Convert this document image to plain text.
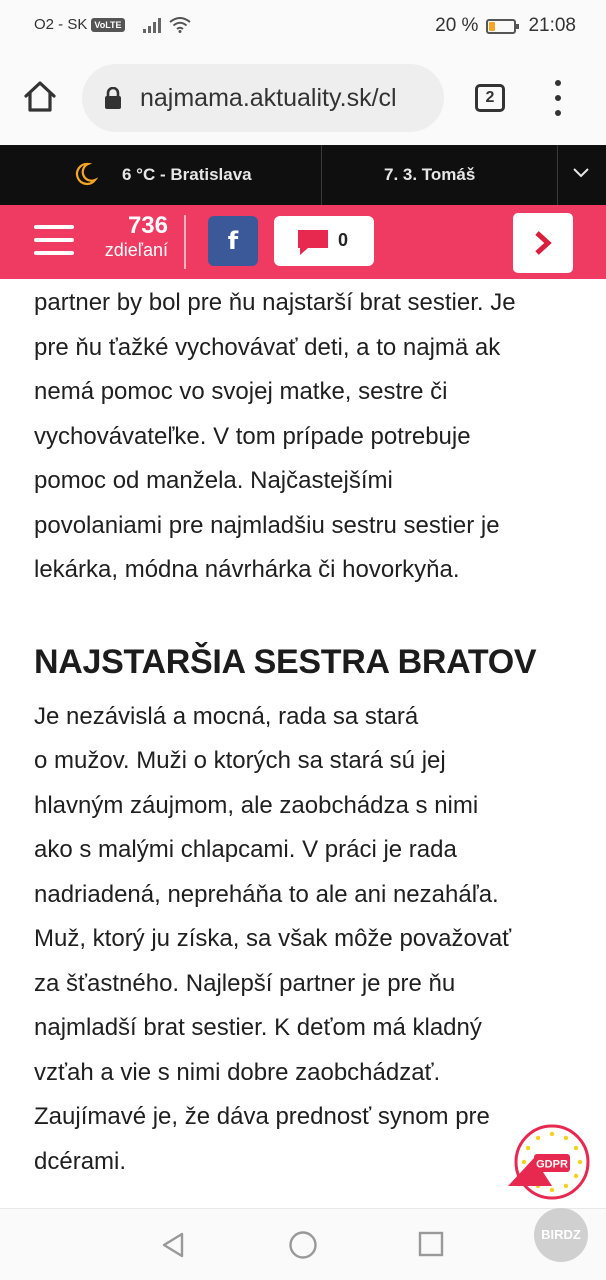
O2 - SK VoLTE	20 %	21:08
najmama.aktuality.sk/cl	2
6 °C - Bratislava	7. 3. Tomáš
736
zdieľaní	f	0

partner by bol pre ňu najstarší brat sestier. Je
pre ňu ťažké vychovávať deti, a to najmä ak
nemá pomoc vo svojej matke, sestre či
vychovávateľke. V tom prípade potrebuje
pomoc od manžela. Najčastejšími
povolaniami pre najmladšiu sestru sestier je
lekárka, módna návrhárka či hovorkyňa.

NAJSTARŠIA SESTRA BRATOV

Je nezávislá a mocná, rada sa stará
o mužov. Muži o ktorých sa stará sú jej
hlavným záujmom, ale zaobchádza s nimi
ako s malými chlapcami. V práci je rada
nadriadená, nepreháňa to ale ani nezaháľa.
Muž, ktorý ju získa, sa však môže považovať
za šťastného. Najlepší partner je pre ňu
najmladší brat sestier. K deťom má kladný
vzťah a vie s nimi dobre zaobchádzať.
Zaujímavé je, že dáva prednosť synom pre
dcérami.	GDPR
BIRDZ
